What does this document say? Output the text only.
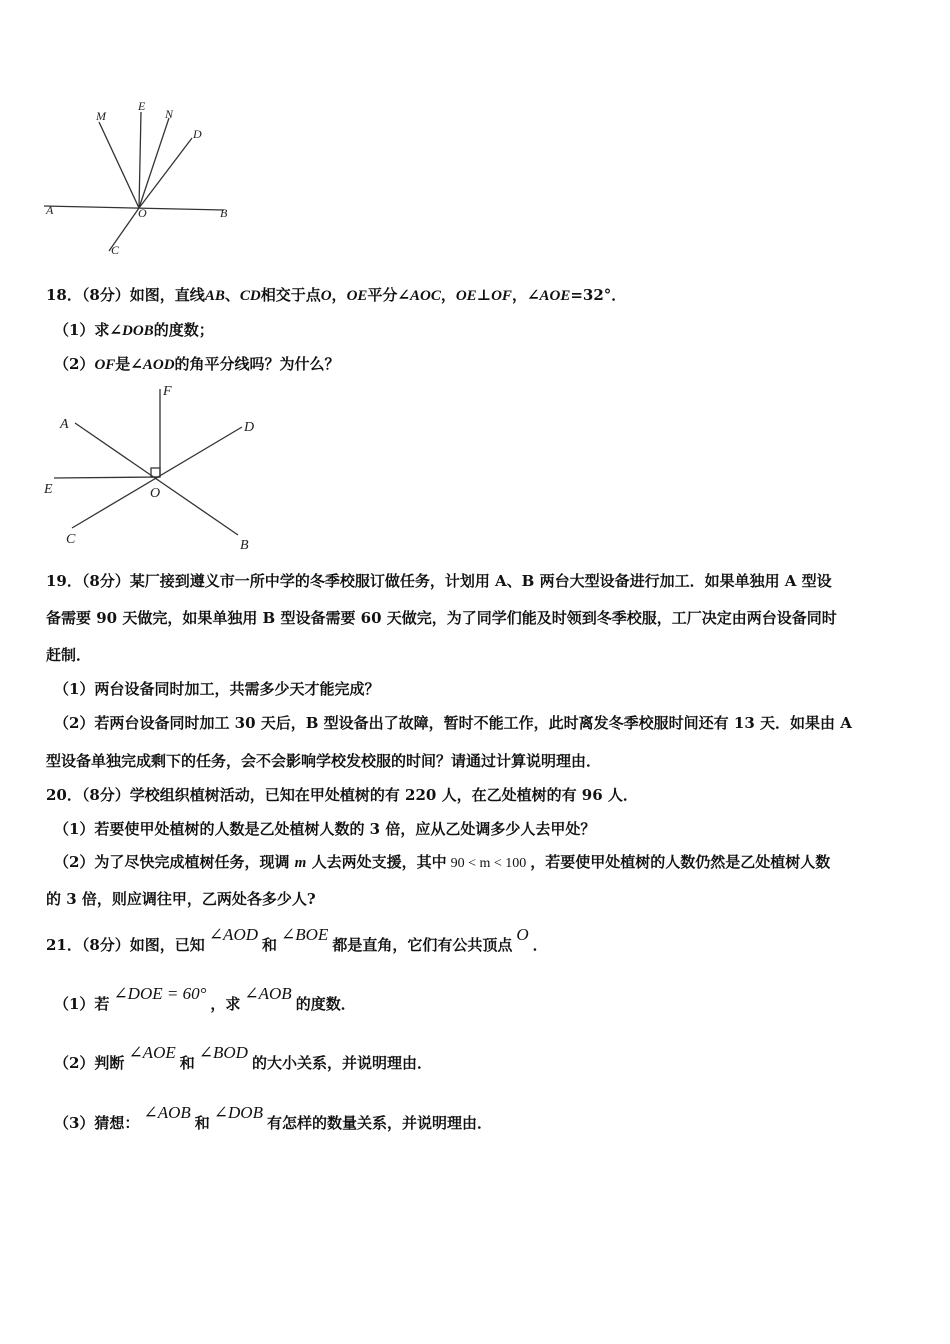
M
E
N
D
A	O	B
C
18．（8分）如图，直线AB、CD相交于点O，OE平分∠AOC，OE⊥OF，∠AOE=32°．
（1）求∠DOB的度数；
（2）OF是∠AOD的角平分线吗？为什么？
F
A	D
E	O
C	B
19．（8分）某厂接到遵义市一所中学的冬季校服订做任务，计划用 A、B 两台大型设备进行加工．如果单独用 A 型设
备需要 90 天做完，如果单独用 B 型设备需要 60 天做完，为了同学们能及时领到冬季校服，工厂决定由两台设备同时
赶制．
（1）两台设备同时加工，共需多少天才能完成？
（2）若两台设备同时加工 30 天后，B 型设备出了故障，暂时不能工作，此时离发冬季校服时间还有 13 天．如果由 A
型设备单独完成剩下的任务，会不会影响学校发校服的时间？请通过计算说明理由．
20．（8分）学校组织植树活动，已知在甲处植树的有 220 人，在乙处植树的有 96 人．
（1）若要使甲处植树的人数是乙处植树人数的 3 倍，应从乙处调多少人去甲处？
（2）为了尽快完成植树任务，现调 m 人去两处支援，其中 90 < m < 100 ，若要使甲处植树的人数仍然是乙处植树人数
的 3 倍，则应调往甲，乙两处各多少人?
21．（8分）如图，已知∠AOD和∠BOE都是直角，它们有公共顶点O．
（1）若∠DOE = 60°，求∠AOB的度数．
（2）判断∠AOE和∠BOD的大小关系，并说明理由．
（3）猜想：∠AOB和∠DOB有怎样的数量关系，并说明理由．
